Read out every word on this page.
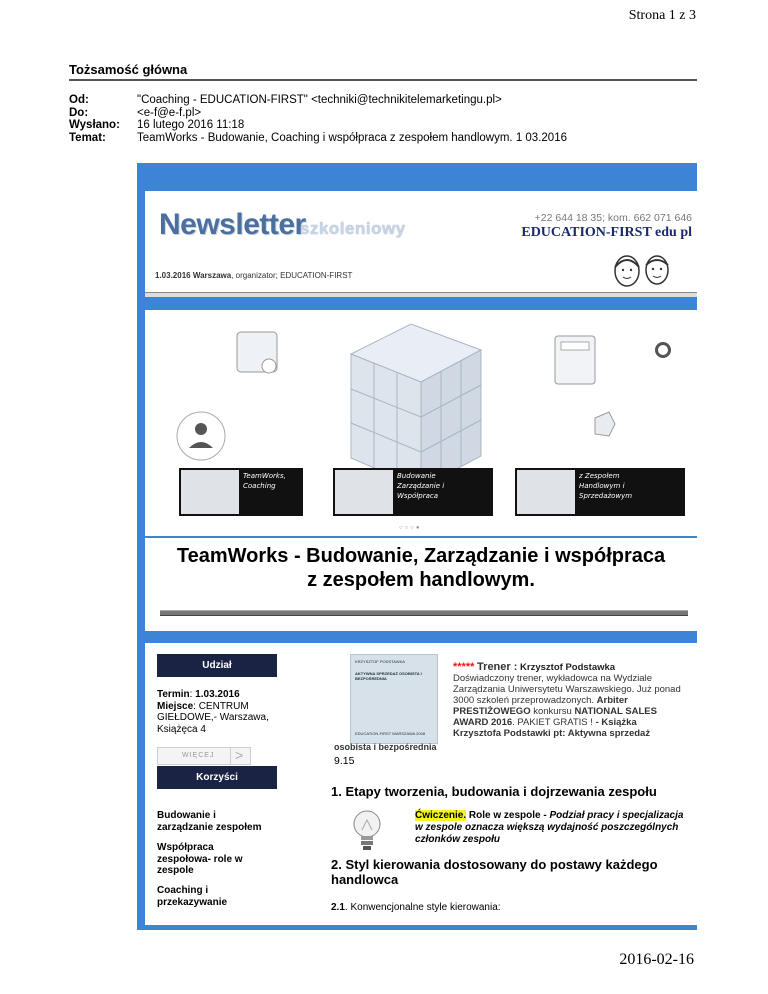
Strona 1 z 3
Tożsamość główna
Od:	"Coaching - EDUCATION-FIRST" <techniki@technikitelemarketingu.pl>
Do:	<e-f@e-f.pl>
Wysłano:	16 lutego 2016 11:18
Temat:	TeamWorks - Budowanie, Coaching i współpraca z zespołem handlowym. 1 03.2016
Newsletter
szkoleniowy
+22 644 18 35; kom. 662 071 646
EDUCATION-FIRST edu pl
1.03.2016 Warszawa, organizator; EDUCATION-FIRST
TeamWorks,
Coaching
Budowanie
Zarządzanie i
Współpraca
z Zespołem
Handlowym i
Sprzedażowym
○○○●
TeamWorks - Budowanie, Zarządzanie i współpraca
z zespołem handlowym.
Udział
Termin: 1.03.2016
Miejsce: CENTRUM GIEŁDOWE,- Warszawa, Książęca 4
WIĘCEJ >
Korzyści
Budowanie i zarządzanie zespołem
Współpraca zespołowa- role w zespole
Coaching i przekazywanie
KRZYSZTOF PODSTAWKA
AKTYWNA SPRZEDAŻ OSOBISTA I BEZPOŚREDNIA
EDUCATION-FIRST WARSZAWA 2008
osobista i bezpośrednia
9.15
***** Trener : Krzysztof Podstawka
Doświadczony trener, wykładowca na Wydziale Zarządzania Uniwersytetu Warszawskiego. Już ponad 3000 szkoleń przeprowadzonych. Arbiter PRESTIŻOWEGO konkursu NATIONAL SALES AWARD 2016. PAKIET GRATIS ! - Książka Krzysztofa Podstawki pt: Aktywna sprzedaż
1. Etapy tworzenia, budowania i dojrzewania zespołu
Ćwiczenie. Role w zespole - Podział pracy i specjalizacja w zespole oznacza większą wydajność poszczególnych członków zespołu
2. Styl kierowania dostosowany do postawy każdego handlowca
2.1. Konwencjonalne style kierowania:
2016-02-16
